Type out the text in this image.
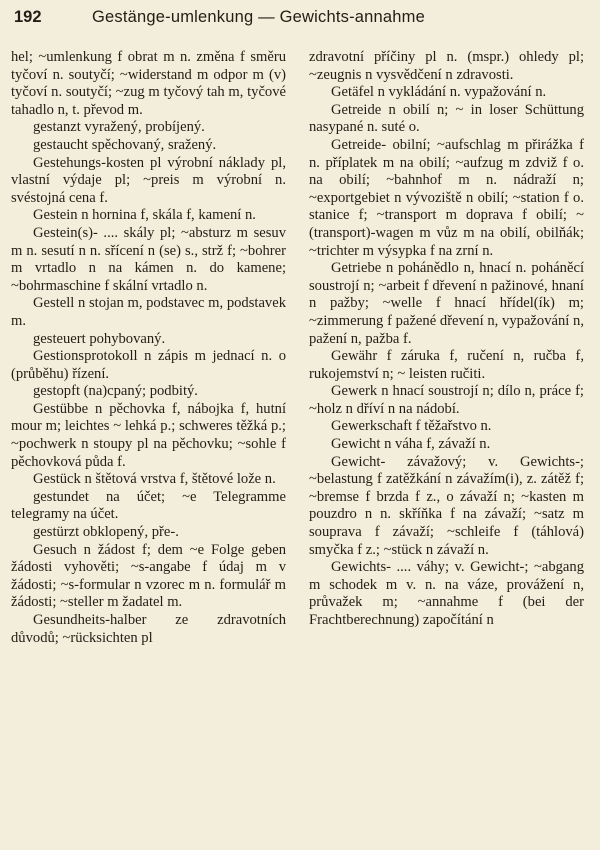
192	Gestänge-umlenkung — Gewichts-annahme

hel; ~umlenkung f obrat m n. změna f směru tyčoví n. soutyčí; ~widerstand m odpor m (v) tyčoví n. soutyčí; ~zug m tyčový tah m, tyčové tahadlo n, t. převod m.

gestanzt vyražený, probíjený.

gestaucht spěchovaný, sražený.

Gestehungs-kosten pl výrobní náklady pl, vlastní výdaje pl; ~preis m výrobní n. svéstojná cena f.

Gestein n hornina f, skála f, kamení n.

Gestein(s)- .... skály pl; ~absturz m sesuv m n. sesutí n n. sřícení n (se) s., strž f; ~bohrer m vrtadlo n na kámen n. do kamene; ~bohrmaschine f skální vrtadlo n.

Gestell n stojan m, podstavec m, podstavek m.

gesteuert pohybovaný.

Gestionsprotokoll n zápis m jednací n. o (průběhu) řízení.

gestopft (na)cpaný; podbitý.

Gestübbe n pěchovka f, nábojka f, hutní mour m; leichtes ~ lehká p.; schweres těžká p.; ~pochwerk n stoupy pl na pěchovku; ~sohle f pěchovková půda f.

Gestück n štětová vrstva f, štětové lože n.

gestundet na účet; ~e Telegramme telegramy na účet.

gestürzt obklopený, pře-.

Gesuch n žádost f; dem ~e Folge geben žádosti vyhověti; ~s-angabe f údaj m v žádosti; ~s-formular n vzorec m n. formulář m žádosti; ~steller m žadatel m.

Gesundheits-halber ze zdravotních důvodů; ~rücksichten pl

zdravotní příčiny pl n. (mspr.) ohledy pl; ~zeugnis n vysvědčení n zdravosti.

Getäfel n vykládání n. vypažování n.

Getreide n obilí n; ~ in loser Schüttung nasypané n. suté o.

Getreide- obilní; ~aufschlag m přirážka f n. příplatek m na obilí; ~aufzug m zdvіž f o. na obilí; ~bahnhof m n. nádraží n; ~exportgebiet n vývoziště n obilí; ~station f o. stanice f; ~transport m doprava f obilí; ~(transport)-wagen m vůz m na obilí, obilňák; ~trichter m výsypka f na zrní n.

Getriebe n pohánědlo n, hnací n. poháněcí soustrojí n; ~arbeit f dřevení n pažinové, hnaní n pažby; ~welle f hnací hřídel(ík) m; ~zimmerung f pažené dřevení n, vypažování n, pažení n, pažba f.

Gewähr f záruka f, ručení n, ručba f, rukojemství n; ~ leisten ručiti.

Gewerk n hnací soustrojí n; dílo n, práce f; ~holz n dříví n na nádobí.

Gewerkschaft f těžařstvo n.

Gewicht n váha f, závaží n.

Gewicht- závažový; v. Gewichts-; ~belastung f zatěžkání n závažím(i), z. zátěž f; ~bremse f brzda f z., o závaží n; ~kasten m pouzdro n n. skříňka f na závaží; ~satz m souprava f závaží; ~schleife f (táhlová) smyčka f z.; ~stück n závaží n.

Gewichts- .... váhy; v. Gewicht-; ~abgang m schodek m v. n. na váze, provážení n, průvažek m; ~annahme f (bei der Frachtberechnung) započítání n
